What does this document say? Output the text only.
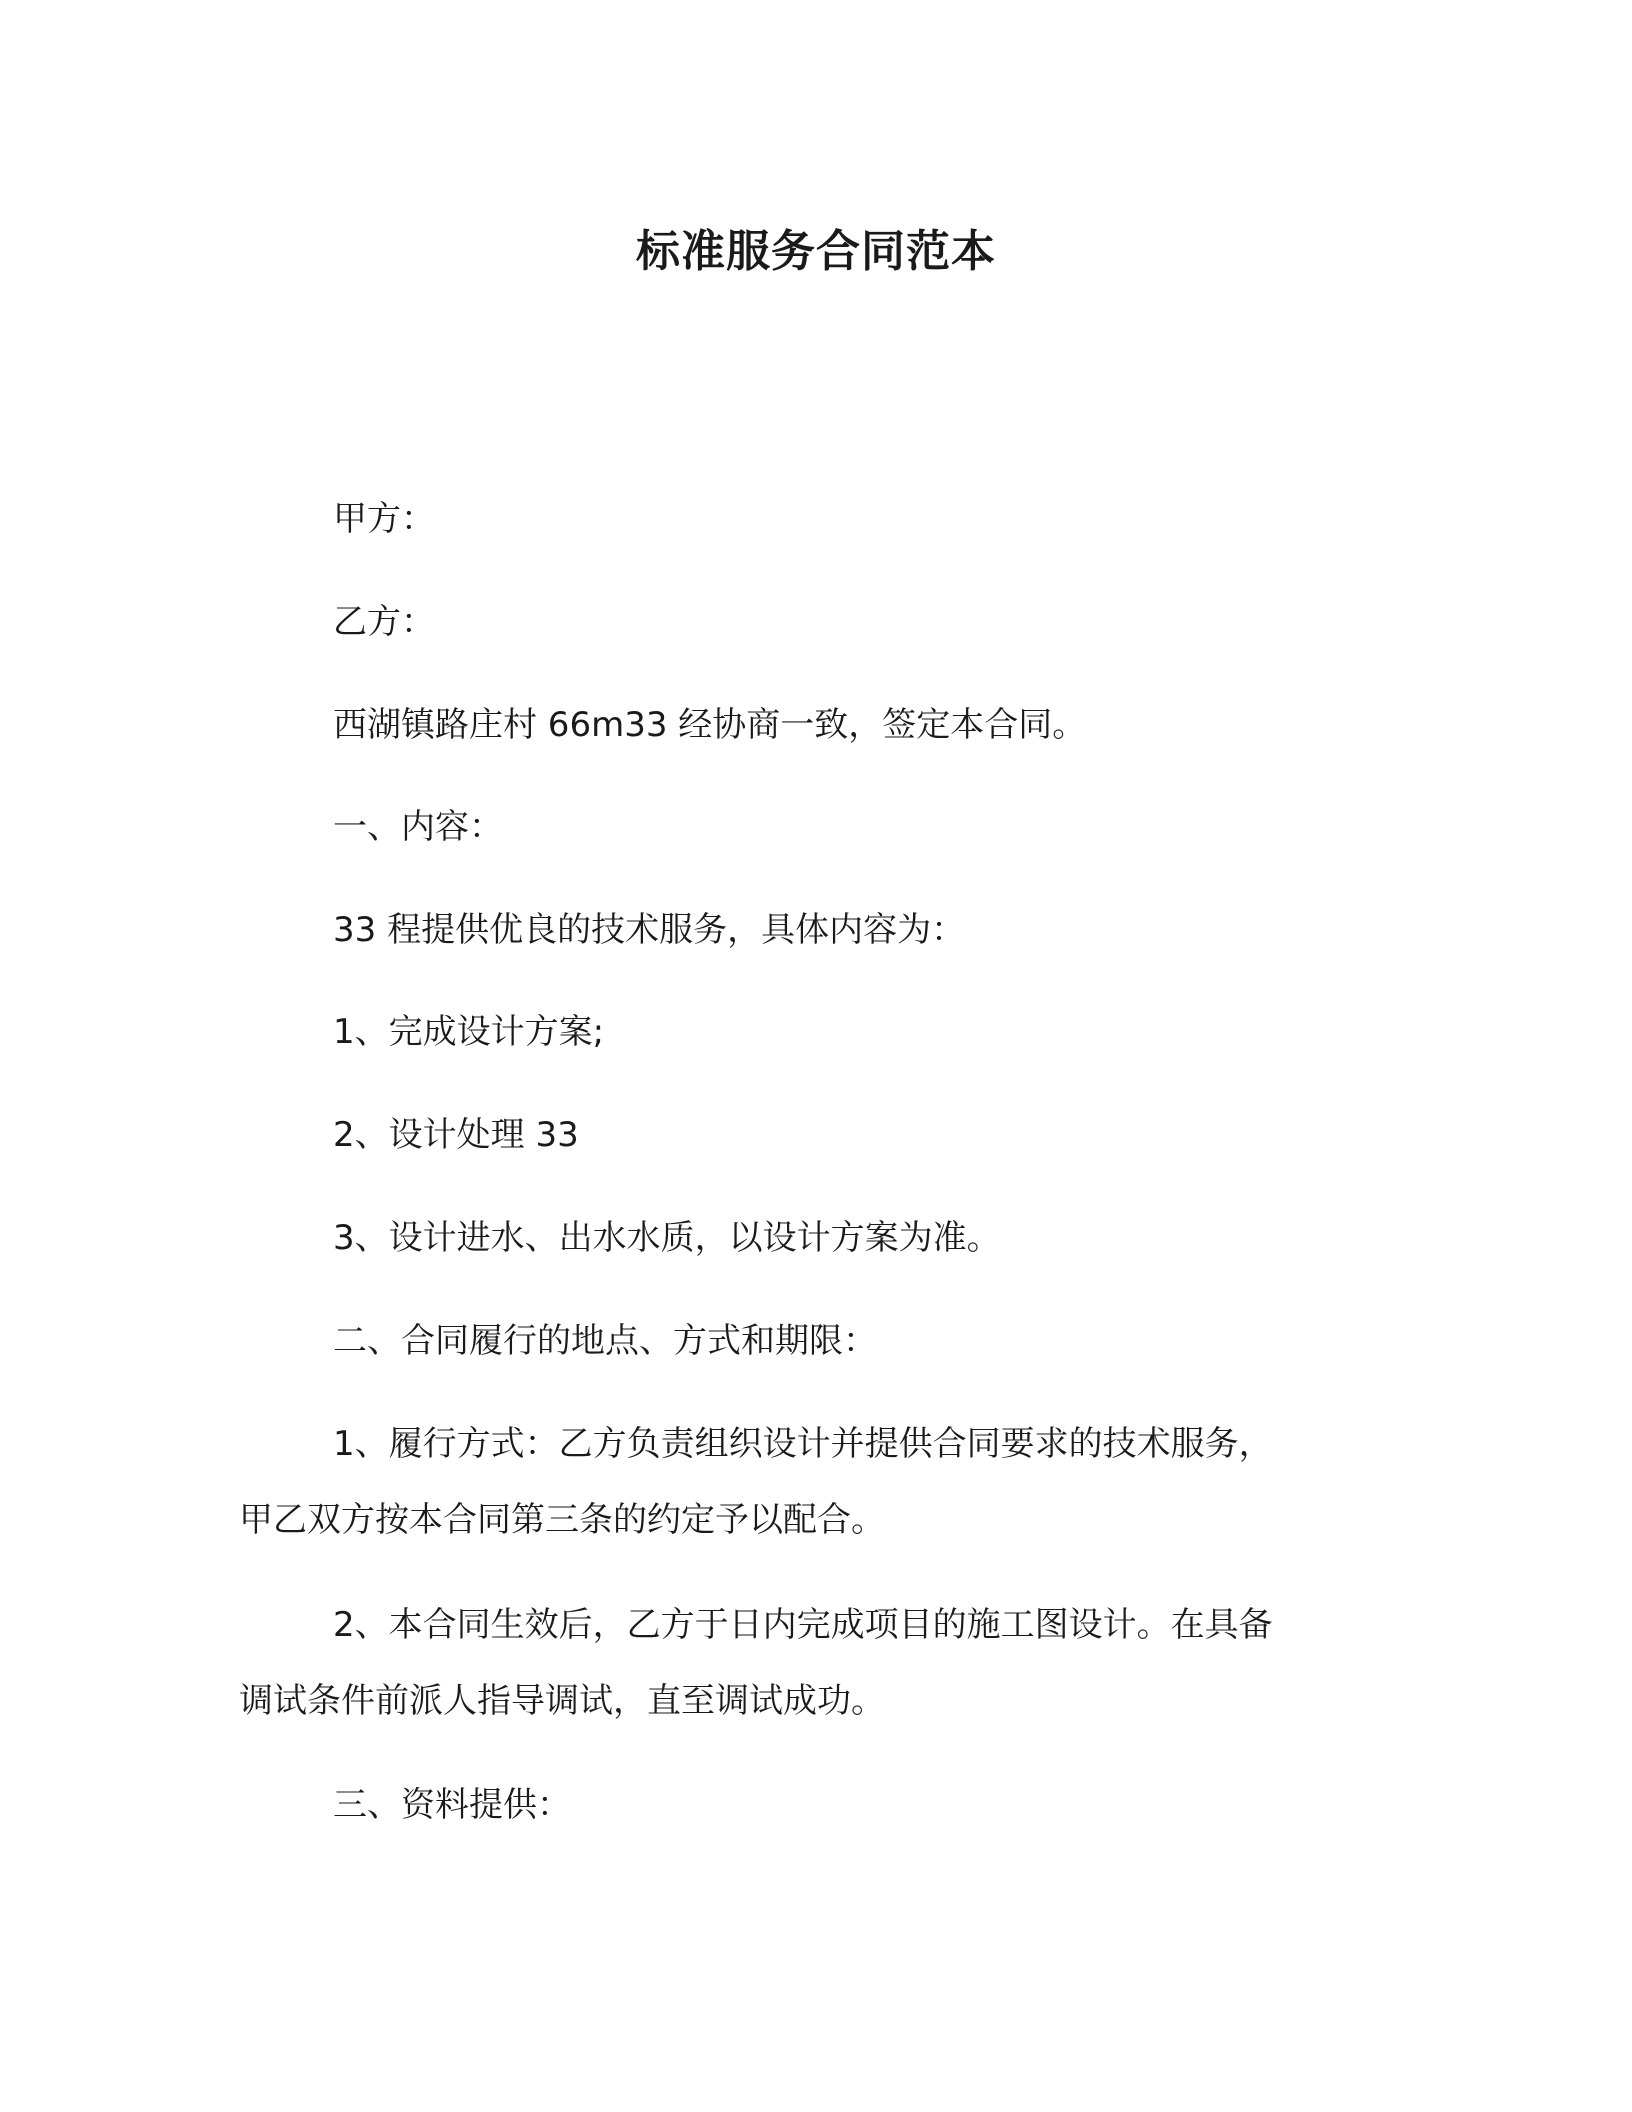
标准服务合同范本
甲方：
乙方：
西湖镇路庄村 66m33 经协商一致，签定本合同。
一、内容：
33 程提供优良的技术服务，具体内容为：
1、完成设计方案;
2、设计处理 33
3、设计进水、出水水质，以设计方案为准。
二、合同履行的地点、方式和期限：
1、履行方式：乙方负责组织设计并提供合同要求的技术服务，
甲乙双方按本合同第三条的约定予以配合。
2、本合同生效后，乙方于日内完成项目的施工图设计。在具备
调试条件前派人指导调试，直至调试成功。
三、资料提供：
